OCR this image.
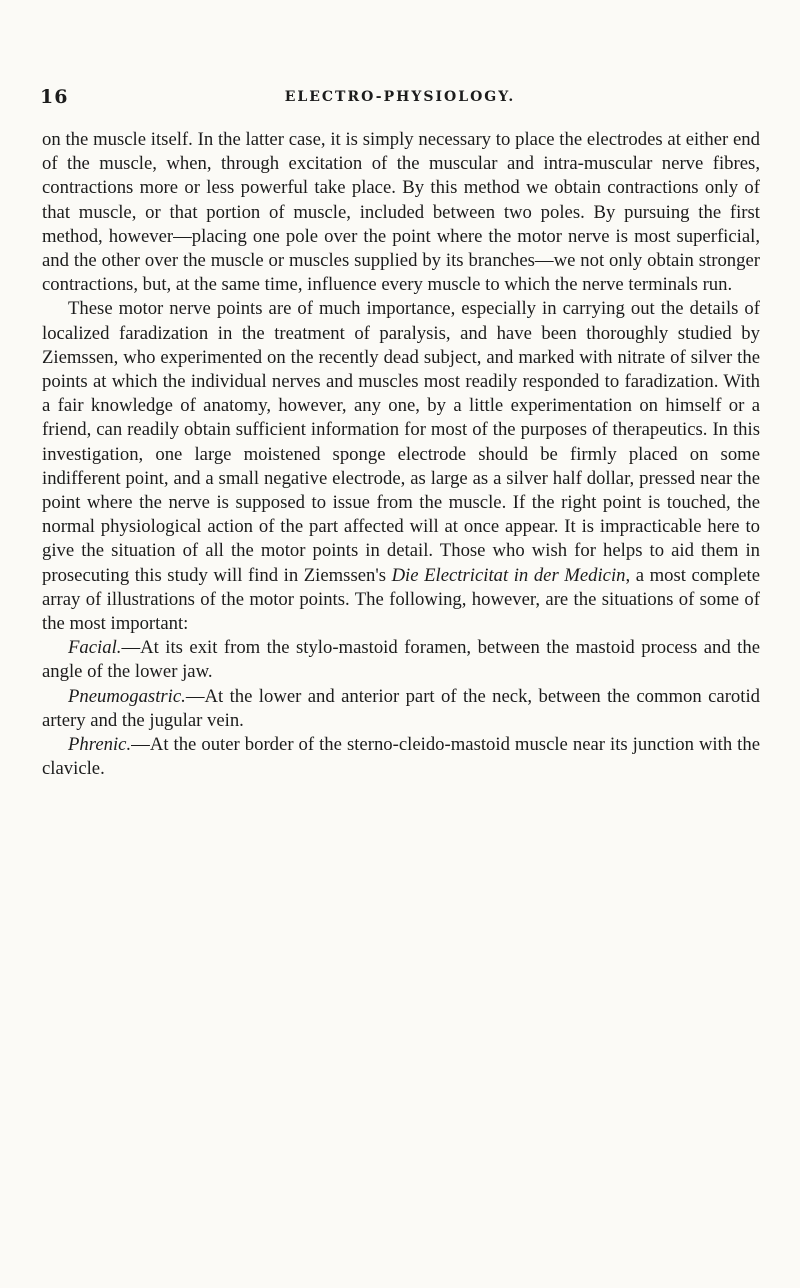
16	ELECTRO-PHYSIOLOGY.

on the muscle itself. In the latter case, it is simply necessary to place the electrodes at either end of the muscle, when, through excitation of the muscular and intra-muscular nerve fibres, contractions more or less powerful take place. By this method we obtain contractions only of that muscle, or that portion of muscle, included between two poles. By pursuing the first method, however—placing one pole over the point where the motor nerve is most superficial, and the other over the muscle or muscles supplied by its branches—we not only obtain stronger contractions, but, at the same time, influence every muscle to which the nerve terminals run.

These motor nerve points are of much importance, especially in carrying out the details of localized faradization in the treatment of paralysis, and have been thoroughly studied by Ziemssen, who experimented on the recently dead subject, and marked with nitrate of silver the points at which the individual nerves and muscles most readily responded to faradization. With a fair knowledge of anatomy, however, any one, by a little experimentation on himself or a friend, can readily obtain sufficient information for most of the purposes of therapeutics. In this investigation, one large moistened sponge electrode should be firmly placed on some indifferent point, and a small negative electrode, as large as a silver half dollar, pressed near the point where the nerve is supposed to issue from the muscle. If the right point is touched, the normal physiological action of the part affected will at once appear. It is impracticable here to give the situation of all the motor points in detail. Those who wish for helps to aid them in prosecuting this study will find in Ziemssen's Die Electricitat in der Medicin, a most complete array of illustrations of the motor points. The following, however, are the situations of some of the most important:

Facial.—At its exit from the stylo-mastoid foramen, between the mastoid process and the angle of the lower jaw.

Pneumogastric.—At the lower and anterior part of the neck, between the common carotid artery and the jugular vein.

Phrenic.—At the outer border of the sterno-cleido-mastoid muscle near its junction with the clavicle.
